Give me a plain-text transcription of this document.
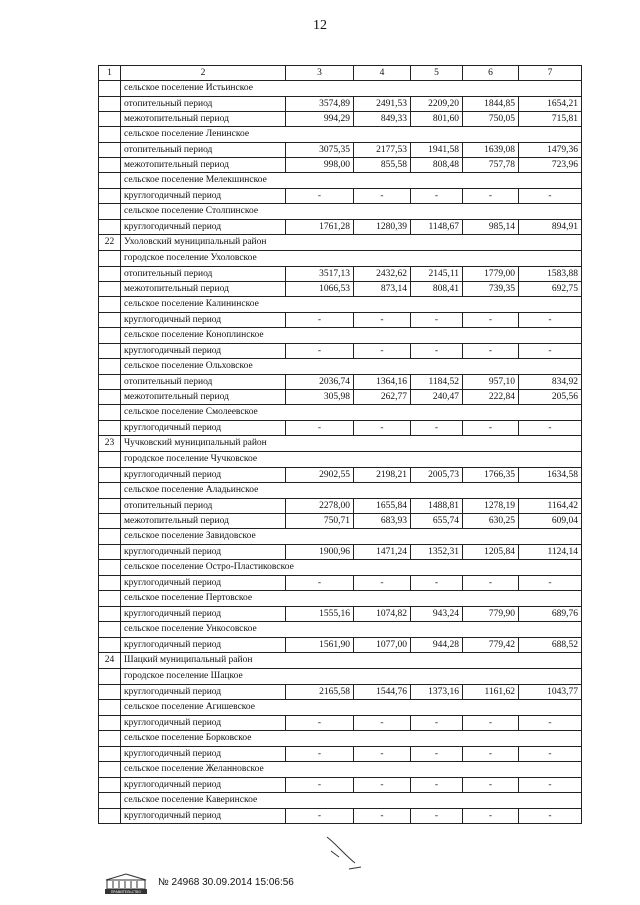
12
1	2	3	4	5	6	7
	сельское поселение Истьинское					
	отопительный период	3574,89	2491,53	2209,20	1844,85	1654,21
	межотопительный период	994,29	849,33	801,60	750,05	715,81
	сельское поселение Ленинское					
	отопительный период	3075,35	2177,53	1941,58	1639,08	1479,36
	межотопительный период	998,00	855,58	808,48	757,78	723,96
	сельское поселение Мелекшинское					
	круглогодичный период	-	-	-	-	-
	сельское поселение Столпинское					
	круглогодичный период	1761,28	1280,39	1148,67	985,14	894,91
22	Ухоловский муниципальный район					
	городское поселение Ухоловское					
	отопительный период	3517,13	2432,62	2145,11	1779,00	1583,88
	межотопительный период	1066,53	873,14	808,41	739,35	692,75
	сельское поселение Калининское					
	круглогодичный период	-	-	-	-	-
	сельское поселение Коноплинское					
	круглогодичный период	-	-	-	-	-
	сельское поселение Ольховское					
	отопительный период	2036,74	1364,16	1184,52	957,10	834,92
	межотопительный период	305,98	262,77	240,47	222,84	205,56
	сельское поселение Смолеевское					
	круглогодичный период	-	-	-	-	-
23	Чучковский муниципальный район					
	городское поселение Чучковское					
	круглогодичный период	2902,55	2198,21	2005,73	1766,35	1634,58
	сельское поселение Аладьинское					
	отопительный период	2278,00	1655,84	1488,81	1278,19	1164,42
	межотопительный период	750,71	683,93	655,74	630,25	609,04
	сельское поселение Завидовское					
	круглогодичный период	1900,96	1471,24	1352,31	1205,84	1124,14
	сельское поселение Остро-Пластиковское					
	круглогодичный период	-	-	-	-	-
	сельское поселение Пертовское					
	круглогодичный период	1555,16	1074,82	943,24	779,90	689,76
	сельское поселение Ункосовское					
	круглогодичный период	1561,90	1077,00	944,28	779,42	688,52
24	Шацкий муниципальный район					
	городское поселение Шацкое					
	круглогодичный период	2165,58	1544,76	1373,16	1161,62	1043,77
	сельское поселение Агишевское					
	круглогодичный период	-	-	-	-	-
	сельское поселение Борковское					
	круглогодичный период	-	-	-	-	-
	сельское поселение Желанновское					
	круглогодичный период	-	-	-	-	-
	сельское поселение Каверинское					
	круглогодичный период	-	-	-	-	-
ПРАВИТЕЛЬСТВО
№ 24968 30.09.2014 15:06:56
